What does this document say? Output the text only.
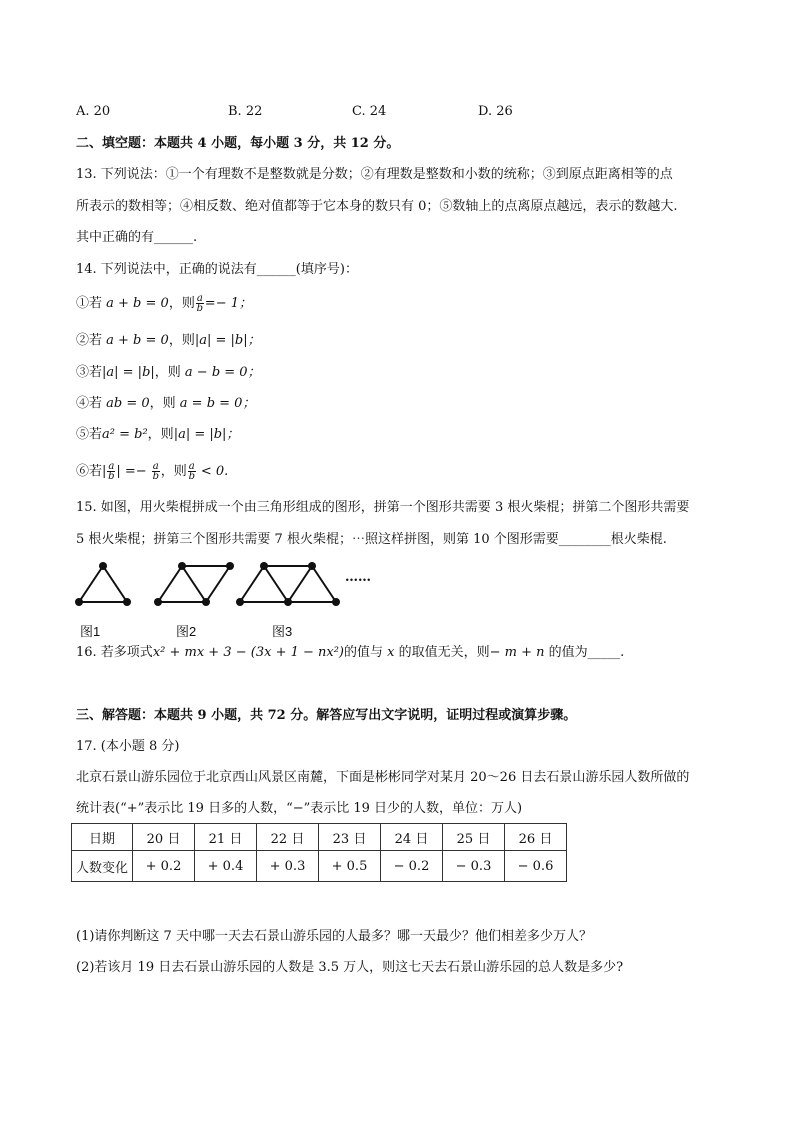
A. 20	B. 22	C. 24	D. 26
二、填空题：本题共 4 小题，每小题 3 分，共 12 分。
13. 下列说法：①一个有理数不是整数就是分数；②有理数是整数和小数的统称；③到原点距离相等的点
所表示的数相等；④相反数、绝对值都等于它本身的数只有 0；⑤数轴上的点离原点越远，表示的数越大.
其中正确的有______.
14. 下列说法中，正确的说法有______(填序号)：
①若 a + b = 0，则 $\frac{a}{b} =- 1$；
②若 a + b = 0，则|a| = |b|；
③若|a| = |b|，则 a − b = 0；
④若 ab = 0，则 a = b = 0；
⑤若a² = b²，则|a| = |b|；
⑥若| $\frac{a}{b}$ | =− $\frac{a}{b}$ ，则 $\frac{a}{b} < 0$.
15. 如图，用火柴棍拼成一个由三角形组成的图形，拼第一个图形共需要 3 根火柴棍；拼第二个图形共需要
5 根火柴棍；拼第三个图形共需要 7 根火柴棍；⋯照这样拼图，则第 10 个图形需要________根火柴棍.
……
图1	图2	图3
16. 若多项式x² + mx + 3 − (3x + 1 − nx²)的值与 x 的取值无关，则− m + n 的值为_____.
三、解答题：本题共 9 小题，共 72 分。解答应写出文字说明，证明过程或演算步骤。
17. (本小题 8 分)
北京石景山游乐园位于北京西山风景区南麓，下面是彬彬同学对某月 20～26 日去石景山游乐园人数所做的
统计表(“+”表示比 19 日多的人数，“−”表示比 19 日少的人数，单位：万人)
日期	20 日	21 日	22 日	23 日	24 日	25 日	26 日
人数变化	+ 0.2	+ 0.4	+ 0.3	+ 0.5	− 0.2	− 0.3	− 0.6
(1)请你判断这 7 天中哪一天去石景山游乐园的人最多？哪一天最少？他们相差多少万人？
(2)若该月 19 日去石景山游乐园的人数是 3.5 万人，则这七天去石景山游乐园的总人数是多少?
